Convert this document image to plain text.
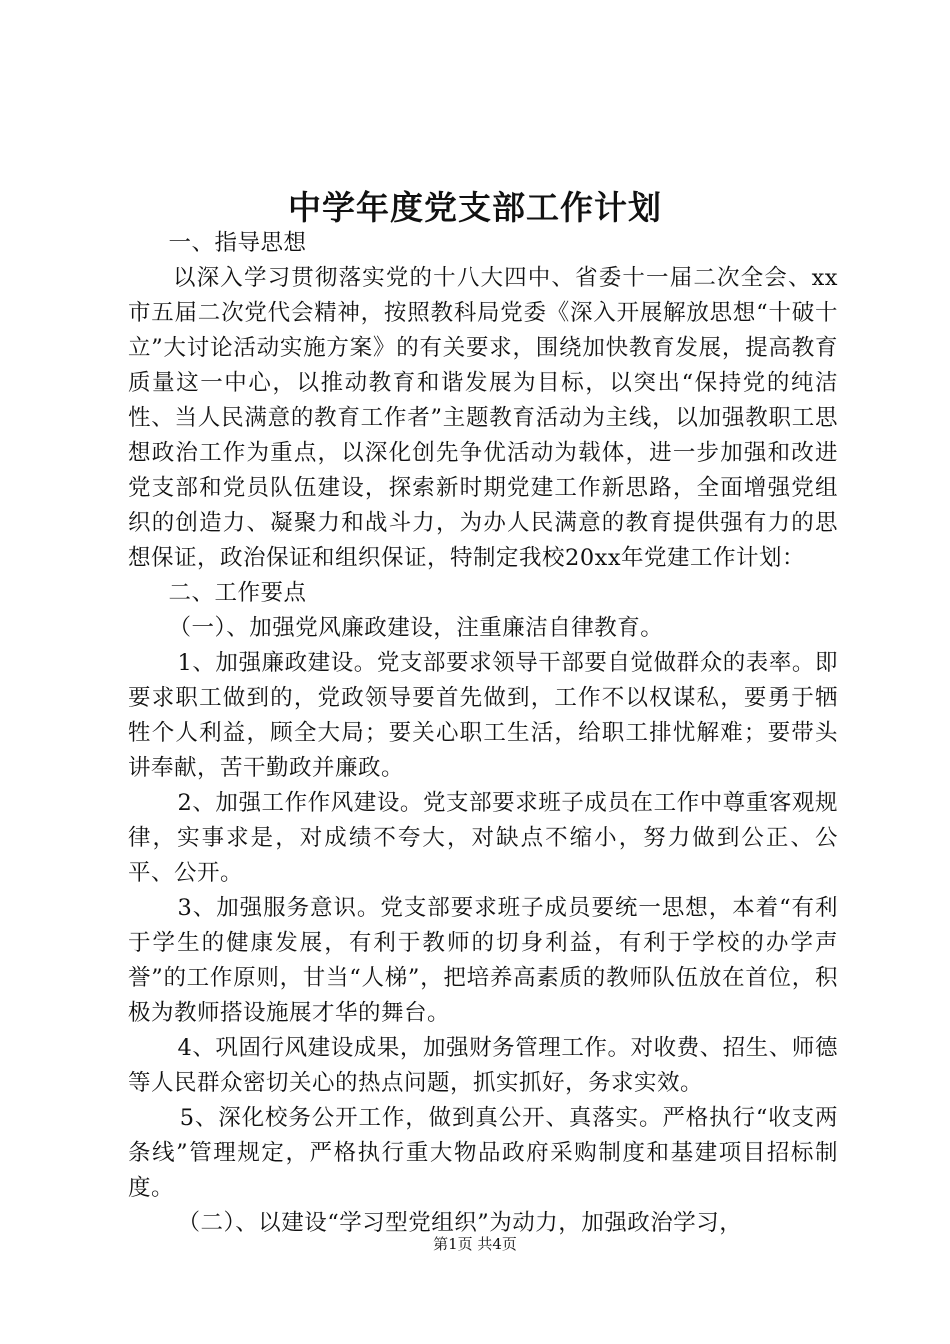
中学年度党支部工作计划

一、指导思想

以深入学习贯彻落实党的十八大四中、省委十一届二次全会、xx市五届二次党代会精神，按照教科局党委《深入开展解放思想“十破十立”大讨论活动实施方案》的有关要求，围绕加快教育发展，提高教育质量这一中心，以推动教育和谐发展为目标，以突出“保持党的纯洁性、当人民满意的教育工作者”主题教育活动为主线，以加强教职工思想政治工作为重点，以深化创先争优活动为载体，进一步加强和改进党支部和党员队伍建设，探索新时期党建工作新思路，全面增强党组织的创造力、凝聚力和战斗力，为办人民满意的教育提供强有力的思想保证，政治保证和组织保证，特制定我校20xx年党建工作计划：

二、工作要点

（一）、加强党风廉政建设，注重廉洁自律教育。

1、加强廉政建设。党支部要求领导干部要自觉做群众的表率。即要求职工做到的，党政领导要首先做到，工作不以权谋私，要勇于牺牲个人利益，顾全大局；要关心职工生活，给职工排忧解难；要带头讲奉献，苦干勤政并廉政。

2、加强工作作风建设。党支部要求班子成员在工作中尊重客观规律，实事求是，对成绩不夸大，对缺点不缩小，努力做到公正、公平、公开。

3、加强服务意识。党支部要求班子成员要统一思想，本着“有利于学生的健康发展，有利于教师的切身利益，有利于学校的办学声誉”的工作原则，甘当“人梯”，把培养高素质的教师队伍放在首位，积极为教师搭设施展才华的舞台。

4、巩固行风建设成果，加强财务管理工作。对收费、招生、师德等人民群众密切关心的热点问题，抓实抓好，务求实效。

5、深化校务公开工作，做到真公开、真落实。严格执行“收支两条线”管理规定，严格执行重大物品政府采购制度和基建项目招标制度。

（二）、以建设“学习型党组织”为动力，加强政治学习，

第1页 共4页
